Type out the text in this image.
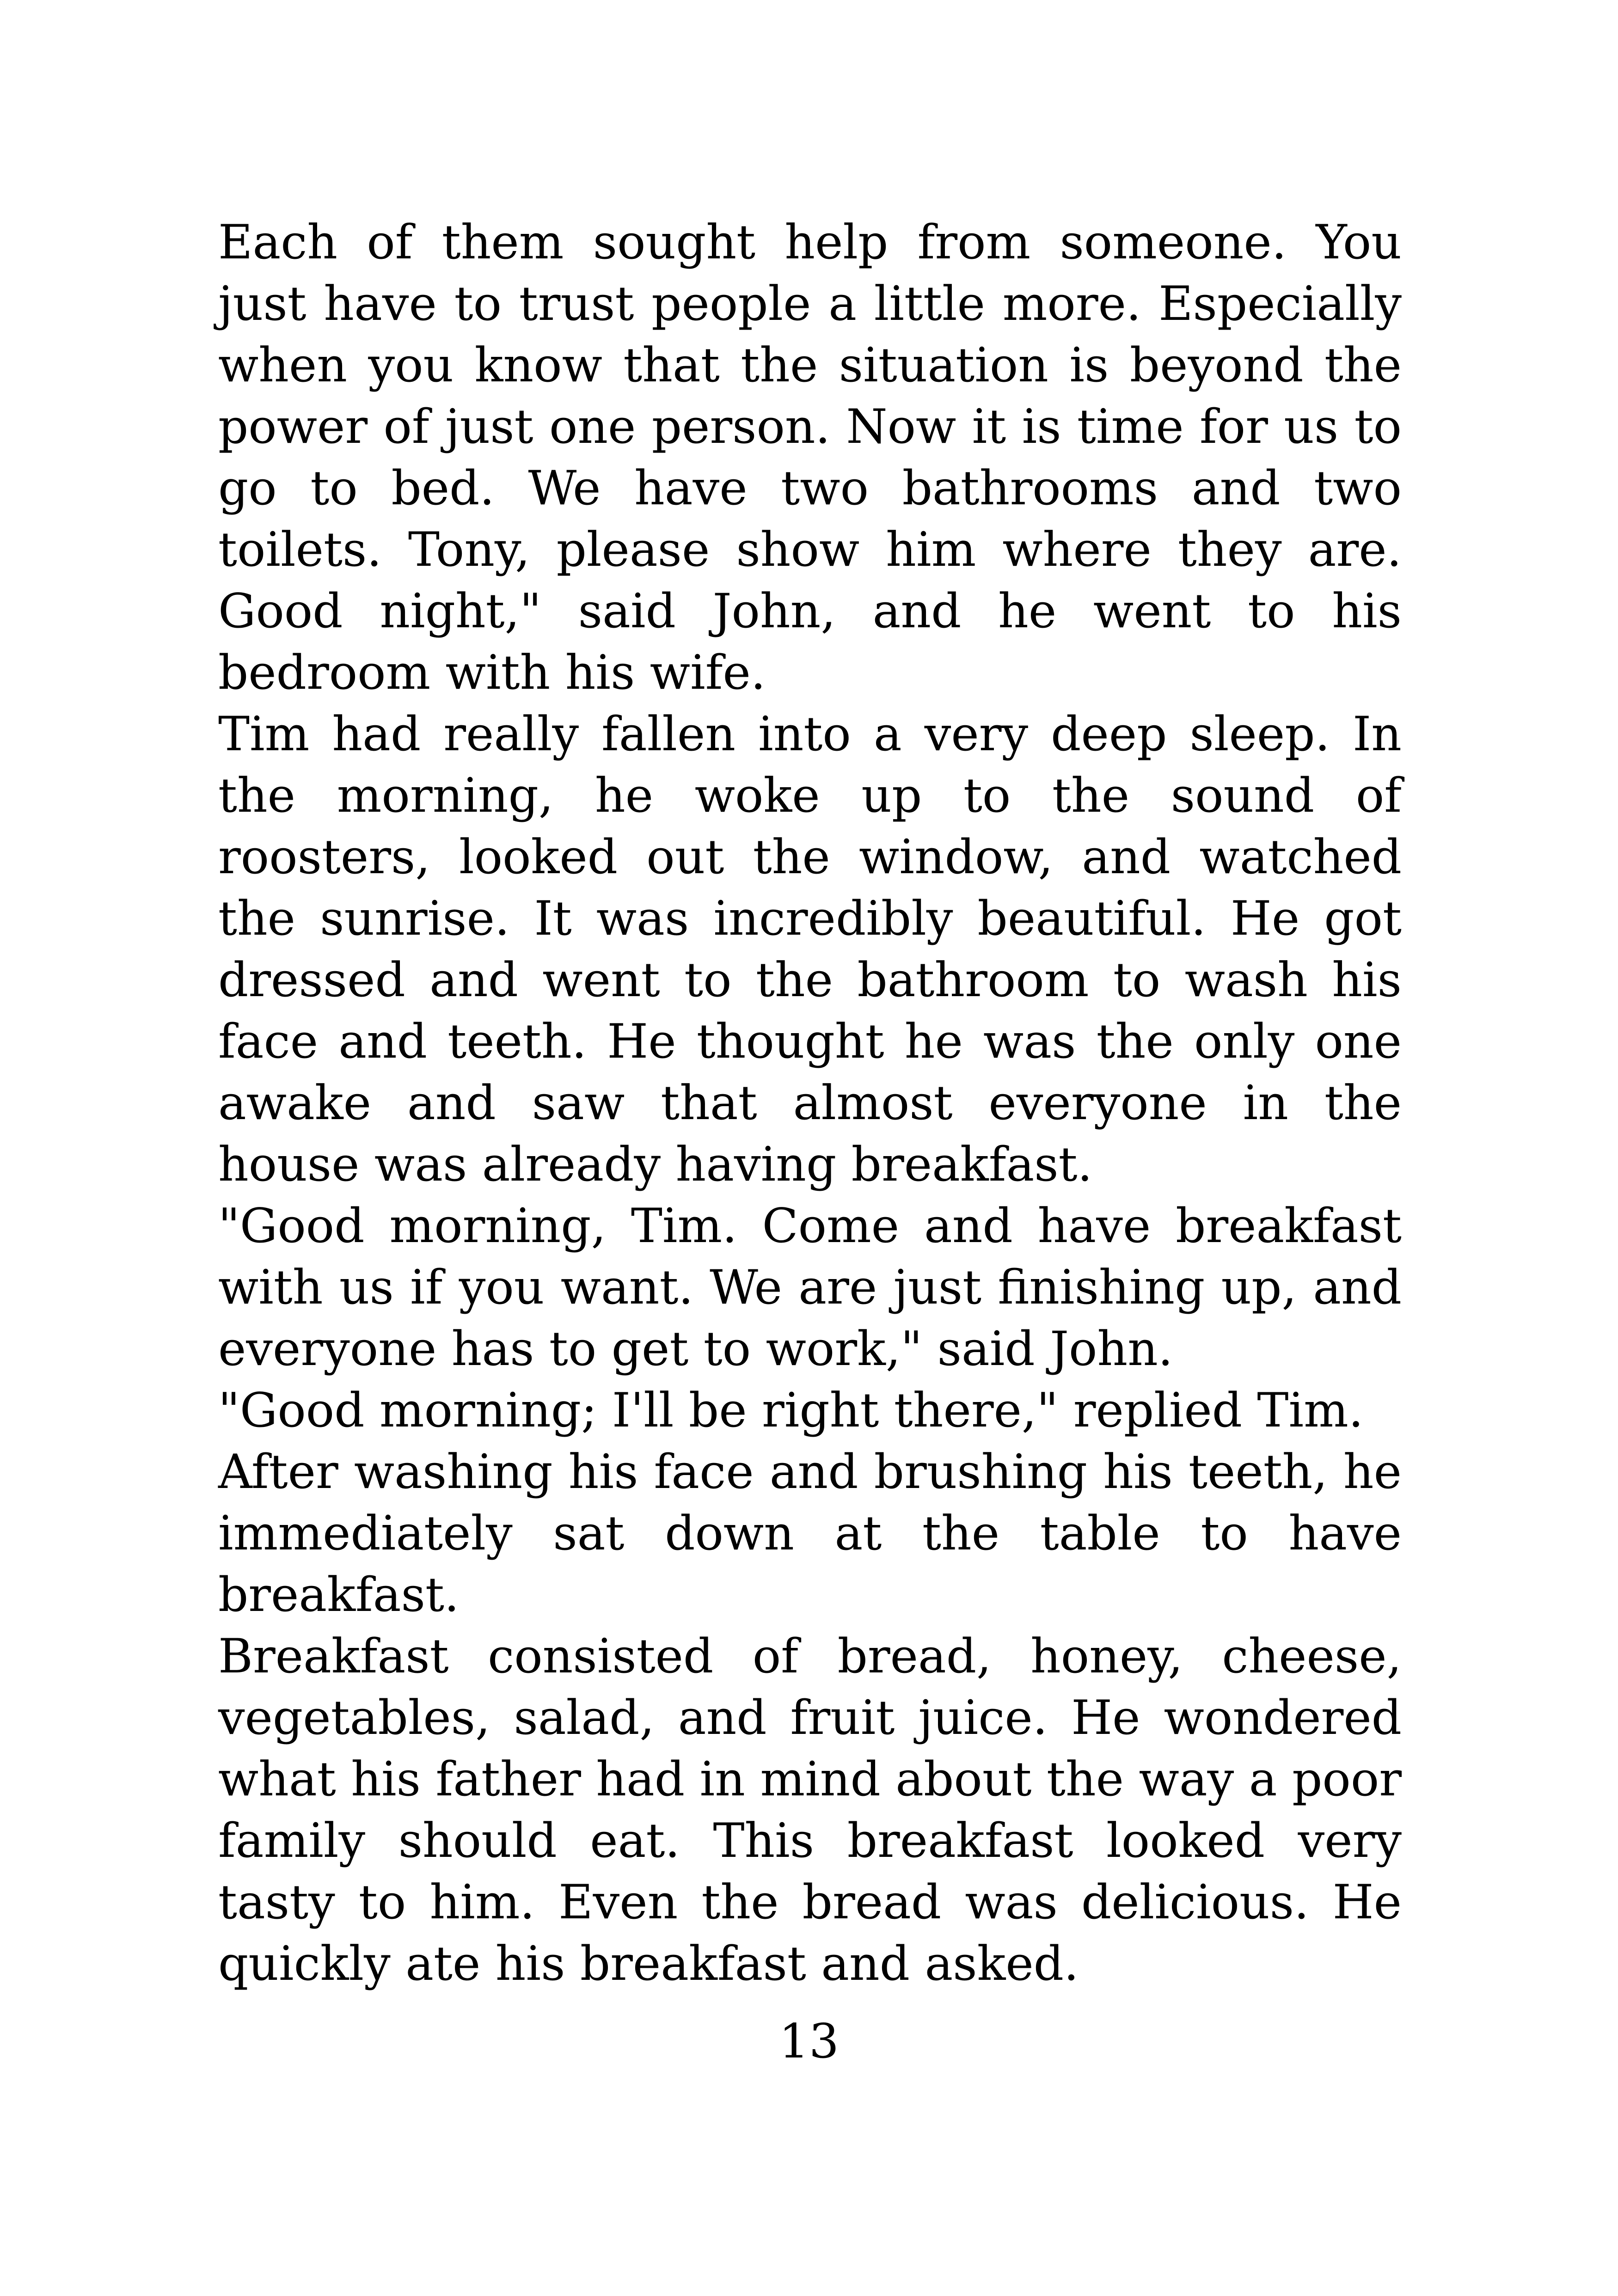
Each of them sought help from someone. You just have to trust people a little more. Especially when you know that the situation is beyond the power of just one person. Now it is time for us to go to bed. We have two bathrooms and two toilets. Tony, please show him where they are. Good night," said John, and he went to his bedroom with his wife.

Tim had really fallen into a very deep sleep. In the morning, he woke up to the sound of roosters, looked out the window, and watched the sunrise. It was incredibly beautiful. He got dressed and went to the bathroom to wash his face and teeth. He thought he was the only one awake and saw that almost everyone in the house was already having breakfast.

"Good morning, Tim. Come and have breakfast with us if you want. We are just finishing up, and everyone has to get to work," said John.

"Good morning; I'll be right there," replied Tim.

After washing his face and brushing his teeth, he immediately sat down at the table to have breakfast.

Breakfast consisted of bread, honey, cheese, vegetables, salad, and fruit juice. He wondered what his father had in mind about the way a poor family should eat. This breakfast looked very tasty to him. Even the bread was delicious. He quickly ate his breakfast and asked.

13
